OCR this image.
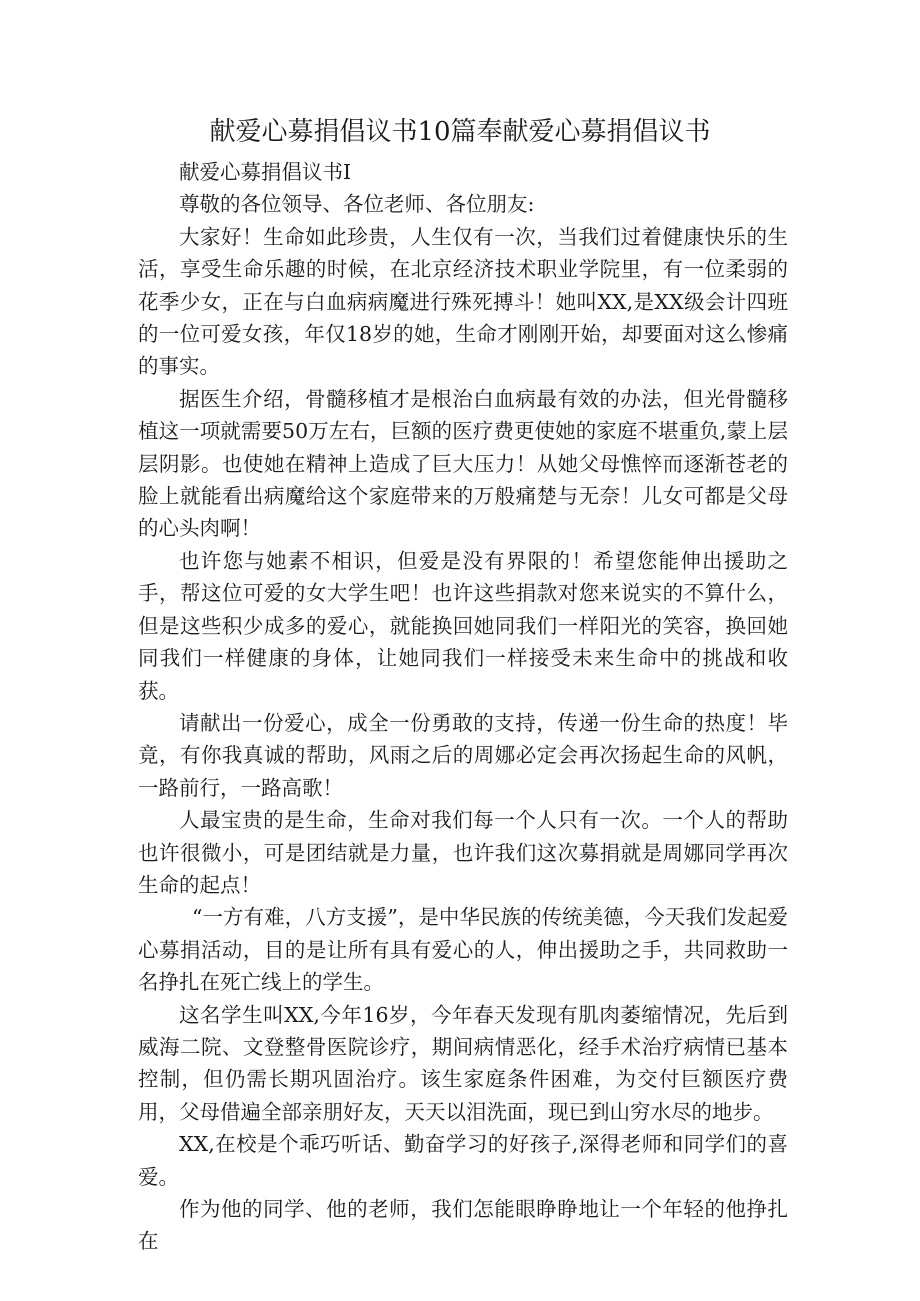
献爱心募捐倡议书10篇奉献爱心募捐倡议书

献爱心募捐倡议书I

尊敬的各位领导、各位老师、各位朋友:

大家好！生命如此珍贵，人生仅有一次，当我们过着健康快乐的生活，享受生命乐趣的时候，在北京经济技术职业学院里，有一位柔弱的花季少女，正在与白血病病魔进行殊死搏斗！她叫XX,是XX级会计四班的一位可爱女孩，年仅18岁的她，生命才刚刚开始，却要面对这么惨痛的事实。

据医生介绍，骨髓移植才是根治白血病最有效的办法，但光骨髓移植这一项就需要50万左右，巨额的医疗费更使她的家庭不堪重负,蒙上层层阴影。也使她在精神上造成了巨大压力！从她父母憔悴而逐渐苍老的脸上就能看出病魔给这个家庭带来的万般痛楚与无奈！儿女可都是父母的心头肉啊！

也许您与她素不相识，但爱是没有界限的！希望您能伸出援助之手，帮这位可爱的女大学生吧！也许这些捐款对您来说实的不算什么，但是这些积少成多的爱心，就能换回她同我们一样阳光的笑容，换回她同我们一样健康的身体，让她同我们一样接受未来生命中的挑战和收获。

请献出一份爱心，成全一份勇敢的支持，传递一份生命的热度！毕竟，有你我真诚的帮助，风雨之后的周娜必定会再次扬起生命的风帆，一路前行，一路高歌！

人最宝贵的是生命，生命对我们每一个人只有一次。一个人的帮助也许很微小，可是团结就是力量，也许我们这次募捐就是周娜同学再次生命的起点！

“一方有难，八方支援”，是中华民族的传统美德，今天我们发起爱心募捐活动，目的是让所有具有爱心的人，伸出援助之手，共同救助一名挣扎在死亡线上的学生。

这名学生叫XX,今年16岁，今年春天发现有肌肉萎缩情况，先后到威海二院、文登整骨医院诊疗，期间病情恶化，经手术治疗病情已基本控制，但仍需长期巩固治疗。该生家庭条件困难，为交付巨额医疗费用，父母借遍全部亲朋好友，天天以泪洗面，现已到山穷水尽的地步。

XX,在校是个乖巧听话、勤奋学习的好孩子,深得老师和同学们的喜爱。

作为他的同学、他的老师，我们怎能眼睁睁地让一个年轻的他挣扎在
